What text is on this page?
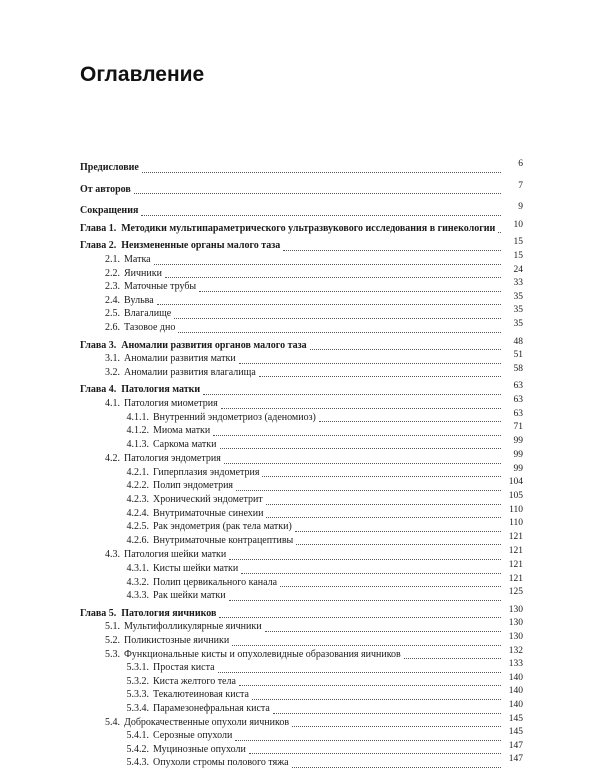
Оглавление
Предисловие	6
От авторов	7
Сокращения	9
Глава 1. Методики мультипараметрического ультразвукового исследования в гинекологии 10
Глава 2. Неизмененные органы малого таза	15
2.1. Матка	15
2.2. Яичники	24
2.3. Маточные трубы	33
2.4. Вульва	35
2.5. Влагалище	35
2.6. Тазовое дно	35
Глава 3. Аномалии развития органов малого таза	48
3.1. Аномалии развития матки	51
3.2. Аномалии развития влагалища	58
Глава 4. Патология матки	63
4.1. Патология миометрия	63
4.1.1. Внутренний эндометриоз (аденомиоз)	63
4.1.2. Миома матки	71
4.1.3. Саркома матки	99
4.2. Патология эндометрия	99
4.2.1. Гиперплазия эндометрия	99
4.2.2. Полип эндометрия	104
4.2.3. Хронический эндометрит	105
4.2.4. Внутриматочные синехии	110
4.2.5. Рак эндометрия (рак тела матки)	110
4.2.6. Внутриматочные контрацептивы	121
4.3. Патология шейки матки	121
4.3.1. Кисты шейки матки	121
4.3.2. Полип цервикального канала	121
4.3.3. Рак шейки матки	125
Глава 5. Патология яичников	130
5.1. Мультифолликулярные яичники	130
5.2. Поликистозные яичники	130
5.3. Функциональные кисты и опухолевидные образования яичников	132
5.3.1. Простая киста	133
5.3.2. Киста желтого тела	140
5.3.3. Текалютеиновая киста	140
5.3.4. Парамезонефральная киста	140
5.4. Доброкачественные опухоли яичников	145
5.4.1. Серозные опухоли	145
5.4.2. Муцинозные опухоли	147
5.4.3. Опухоли стромы полового тяжа	147
